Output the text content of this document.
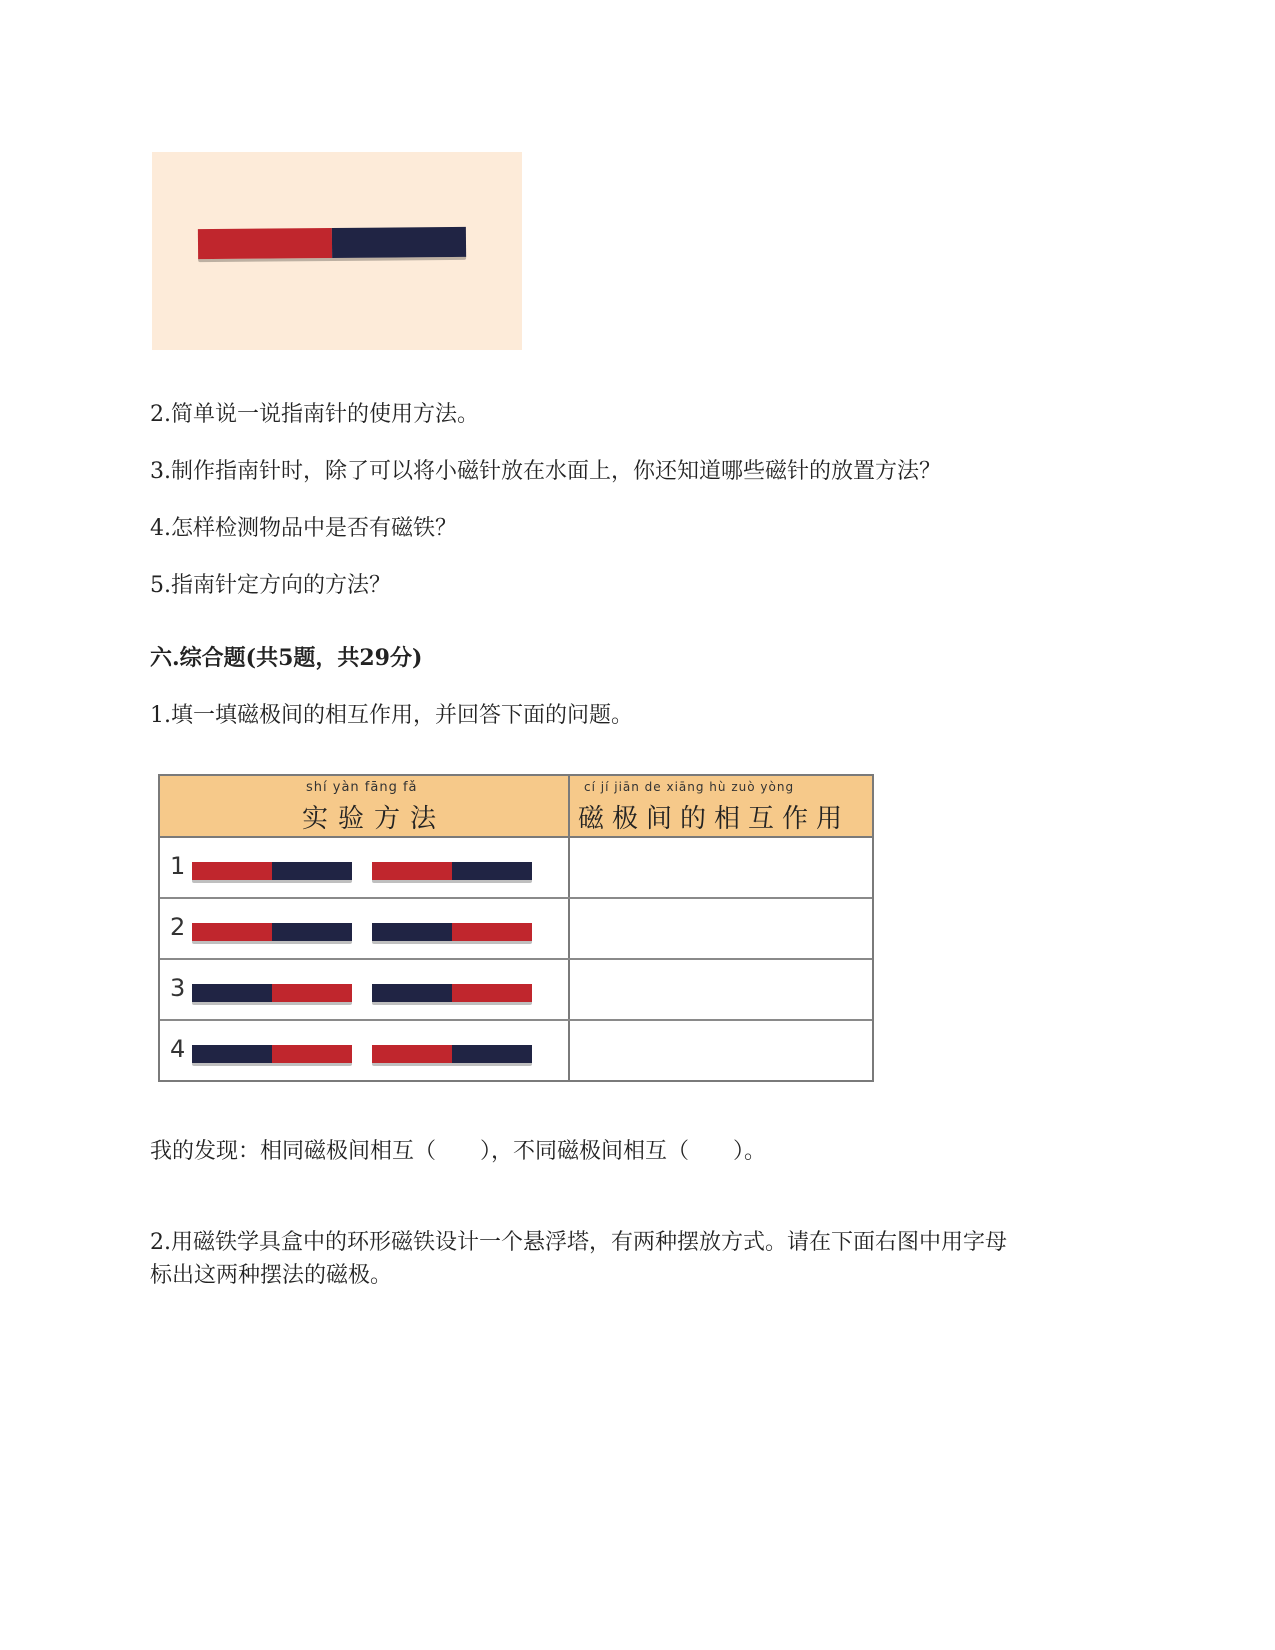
2.简单说一说指南针的使用方法。
3.制作指南针时，除了可以将小磁针放在水面上，你还知道哪些磁针的放置方法？
4.怎样检测物品中是否有磁铁？
5.指南针定方向的方法？
六.综合题(共5题，共29分)
1.填一填磁极间的相互作用，并回答下面的问题。
shí yàn fāng fǎ
实验方法
cí jí jiān de xiāng hù zuò yòng
磁极间的相互作用
1
2
3
4
我的发现：相同磁极间相互（　　），不同磁极间相互（　　）。
2.用磁铁学具盒中的环形磁铁设计一个悬浮塔，有两种摆放方式。请在下面右图中用字母
标出这两种摆法的磁极。
